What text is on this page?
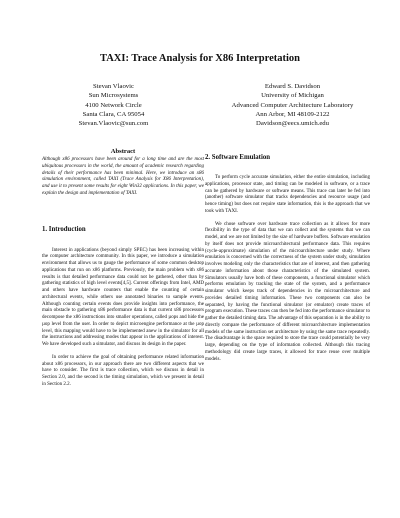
TAXI: Trace Analysis for X86 Interpretation
Stevan Vlaovic
Sun Microsystems
4100 Network Circle
Santa Clara, CA 95054
Stevan.Vlaovic@sun.com
Edward S. Davidson
University of Michigan
Advanced Computer Architecture Laboratory
Ann Arbor, MI 48109-2122
Davidson@eecs.umich.edu
Abstract
Although x86 processors have been around for a long time and are the most ubiquitous processors in the world, the amount of academic research regarding details of their performance has been minimal. Here, we introduce an x86 simulation environment, called TAXI (Trace Analysis for X86 Interpretation), and use it to present some results for eight Win32 applications. In this paper, we explain the design and implementation of TAXI.
1. Introduction

Interest in applications (beyond simply SPEC) has been increasing within the computer architecture community. In this paper, we introduce a simulation environment that allows us to gauge the performance of some common desktop applications that run on x86 platforms. Previously, the main problem with x86 results is that detailed performance data could not be gathered, other than by gathering statistics of high level events[4,5]. Current offerings from Intel, AMD and others have hardware counters that enable the counting of certain architectural events, while others use annotated binaries to sample events. Although counting certain events does provide insights into performance, the main obstacle to gathering x86 performance data is that current x86 processors decompose the x86 instructions into smaller operations, called µops and hide the µop level from the user. In order to depict microengine performance at the µop level, this mapping would have to be implemented anew in the simulator for all the instructions and addressing modes that appear in the applications of interest. We have developed such a simulator, and discuss its design in the paper.

In order to achieve the goal of obtaining performance related information about x86 processors, in our approach there are two different aspects that we have to consider. The first is trace collection, which we discuss in detail in Section 2.0, and the second is the timing simulation, which we present in detail in Section 2.2.

2. Software Emulation

To perform cycle accurate simulation, either the entire simulation, including applications, processor state, and timing can be modeled in software, or a trace can be gathered by hardware or software means. This trace can later be fed into (another) software simulator that tracks dependencies and resource usage (and hence timing) but does not require state information, this is the approach that we took with TAXI.

We chose software over hardware trace collection as it allows for more flexibility in the type of data that we can collect and the systems that we can model, and we are not limited by the size of hardware buffers. Software emulation by itself does not provide microarchitectural performance data. This requires (cycle-approximate) simulation of the microarchitecture under study. Where emulation is concerned with the correctness of the system under study, simulation involves modeling only the characteristics that are of interest, and then gathering accurate information about those characteristics of the simulated system. Simulators usually have both of these components, a functional simulator which performs emulation by tracking the state of the system, and a performance simulator which keeps track of dependencies in the microarchitecture and provides detailed timing information. These two components can also be separated, by having the functional simulator (or emulator) create traces of program execution. These traces can then be fed into the performance simulator to gather the detailed timing data. The advantage of this separation is in the ability to directly compare the performance of different microarchitecture implementation models of the same instruction set architecture by using the same trace repeatedly. The disadvantage is the space required to store the trace could potentially be very large, depending on the type of information collected. Although this tracing methodology did create large traces, it allowed for trace reuse over multiple models.
